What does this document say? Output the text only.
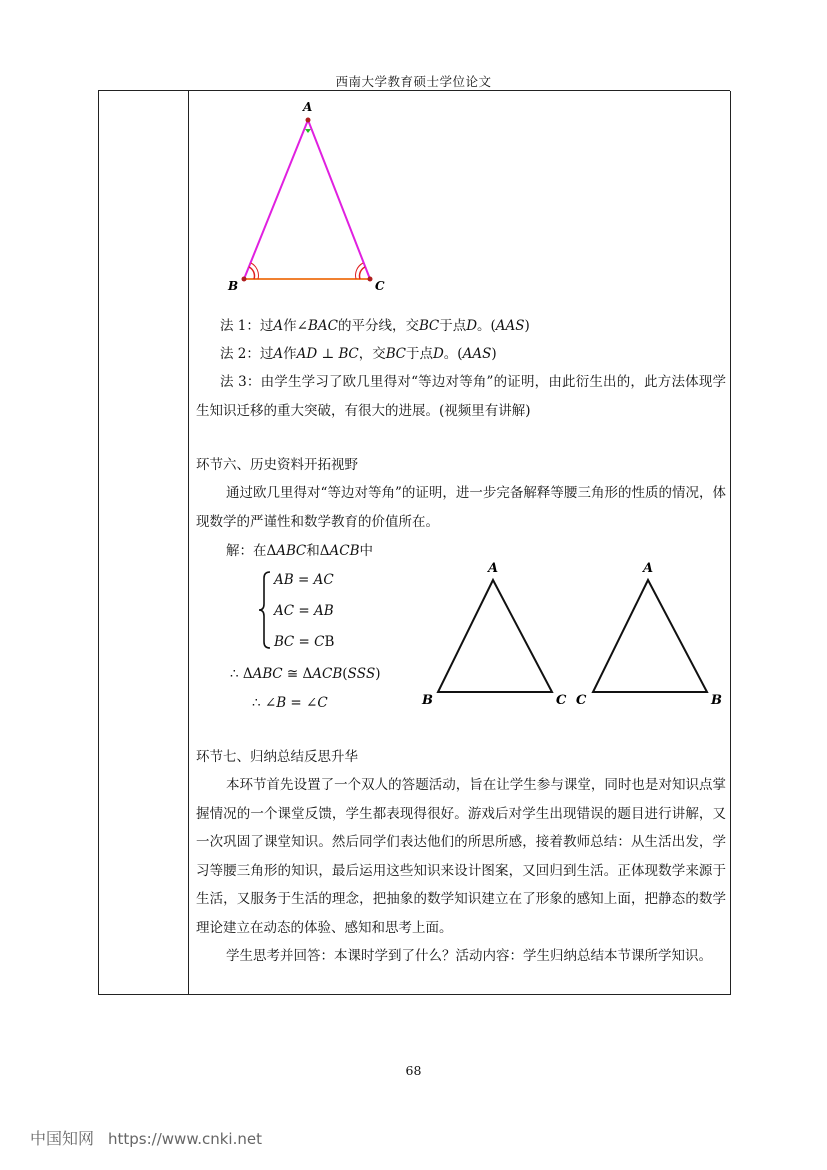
西南大学教育硕士学位论文
A
B	C
法 1：过𝐴作∠𝐵𝐴𝐶的平分线，交𝐵𝐶于点𝐷。(𝐴𝐴𝑆)
法 2：过𝐴作𝐴𝐷 ⊥ 𝐵𝐶，交𝐵𝐶于点𝐷。(𝐴𝐴𝑆)
法 3：由学生学习了欧几里得对“等边对等角”的证明，由此衍生出的，此方法体现学生知识迁移的重大突破，有很大的进展。(视频里有讲解)
环节六、历史资料开拓视野
通过欧几里得对“等边对等角”的证明，进一步完备解释等腰三角形的性质的情况，体现数学的严谨性和数学教育的价值所在。
解：在Δ𝐴𝐵𝐶和Δ𝐴𝐶𝐵中
𝐴𝐵 = 𝐴𝐶
𝐴𝐶 = 𝐴𝐵
𝐵𝐶 = 𝐶B
∴ Δ𝐴𝐵𝐶 ≅ Δ𝐴𝐶𝐵(𝑆𝑆𝑆)
∴ ∠𝐵 = ∠𝐶
A
B	C
A
C	B
环节七、归纳总结反思升华
本环节首先设置了一个双人的答题活动，旨在让学生参与课堂，同时也是对知识点掌握情况的一个课堂反馈，学生都表现得很好。游戏后对学生出现错误的题目进行讲解，又一次巩固了课堂知识。然后同学们表达他们的所思所感，接着教师总结：从生活出发，学习等腰三角形的知识，最后运用这些知识来设计图案，又回归到生活。正体现数学来源于生活，又服务于生活的理念，把抽象的数学知识建立在了形象的感知上面，把静态的数学理论建立在动态的体验、感知和思考上面。
学生思考并回答：本课时学到了什么？活动内容：学生归纳总结本节课所学知识。
68
中国知网 https://www.cnki.net
